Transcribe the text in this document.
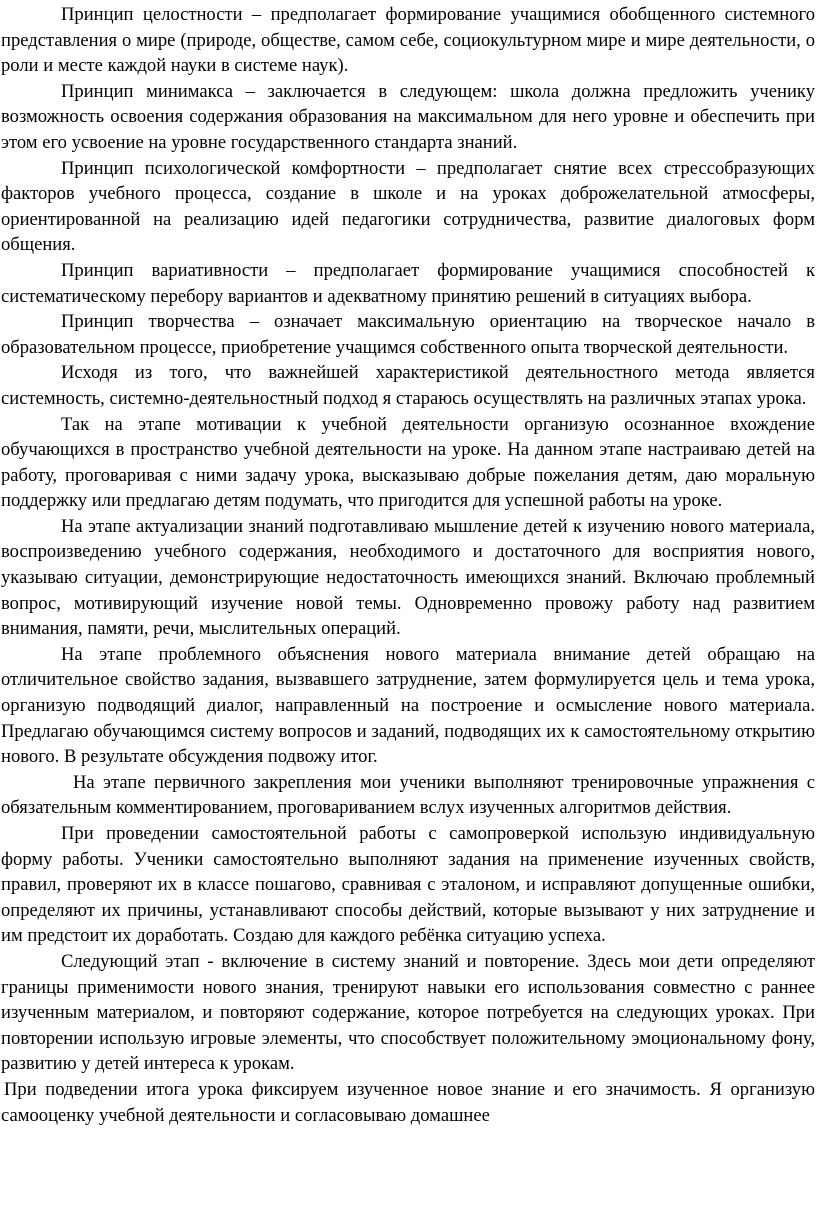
Принцип целостности – предполагает формирование учащимися обобщенного системного представления о мире (природе, обществе, самом себе, социокультурном мире и мире деятельности, о роли и месте каждой науки в системе наук).

Принцип минимакса – заключается в следующем: школа должна предложить ученику возможность освоения содержания образования на максимальном для него уровне и обеспечить при этом его усвоение на уровне государственного стандарта знаний.

Принцип психологической комфортности – предполагает снятие всех стрессобразующих факторов учебного процесса, создание в школе и на уроках доброжелательной атмосферы, ориентированной на реализацию идей педагогики сотрудничества, развитие диалоговых форм общения.

Принцип вариативности – предполагает формирование учащимися способностей к систематическому перебору вариантов и адекватному принятию решений в ситуациях выбора.

Принцип творчества – означает максимальную ориентацию на творческое начало в образовательном процессе, приобретение учащимся собственного опыта творческой деятельности.

Исходя из того, что важнейшей характеристикой деятельностного метода является системность, системно-деятельностный подход я стараюсь осуществлять на различных этапах урока.

Так на этапе мотивации к учебной деятельности организую осознанное вхождение обучающихся в пространство учебной деятельности на уроке. На данном этапе настраиваю детей на работу, проговаривая с ними задачу урока, высказываю добрые пожелания детям, даю моральную поддержку или предлагаю детям подумать, что пригодится для успешной работы на уроке.

На этапе актуализации знаний подготавливаю мышление детей к изучению нового материала, воспроизведению учебного содержания, необходимого и достаточного для восприятия нового, указываю ситуации, демонстрирующие недостаточность имеющихся знаний. Включаю проблемный вопрос, мотивирующий изучение новой темы. Одновременно провожу работу над развитием внимания, памяти, речи, мыслительных операций.

На этапе проблемного объяснения нового материала внимание детей обращаю на отличительное свойство задания, вызвавшего затруднение, затем формулируется цель и тема урока, организую подводящий диалог, направленный на построение и осмысление нового материала. Предлагаю обучающимся систему вопросов и заданий, подводящих их к самостоятельному открытию нового. В результате обсуждения подвожу итог.

На этапе первичного закрепления мои ученики выполняют тренировочные упражнения с обязательным комментированием, проговариванием вслух изученных алгоритмов действия.

При проведении самостоятельной работы с самопроверкой использую индивидуальную форму работы. Ученики самостоятельно выполняют задания на применение изученных свойств, правил, проверяют их в классе пошагово, сравнивая с эталоном, и исправляют допущенные ошибки, определяют их причины, устанавливают способы действий, которые вызывают у них затруднение и им предстоит их доработать. Создаю для каждого ребёнка ситуацию успеха.

Следующий этап - включение в систему знаний и повторение. Здесь мои дети определяют границы применимости нового знания, тренируют навыки его использования совместно с раннее изученным материалом, и повторяют содержание, которое потребуется на следующих уроках. При повторении использую игровые элементы, что способствует положительному эмоциональному фону, развитию у детей интереса к урокам.

При подведении итога урока фиксируем изученное новое знание и его значимость. Я организую самооценку учебной деятельности и согласовываю домашнее
